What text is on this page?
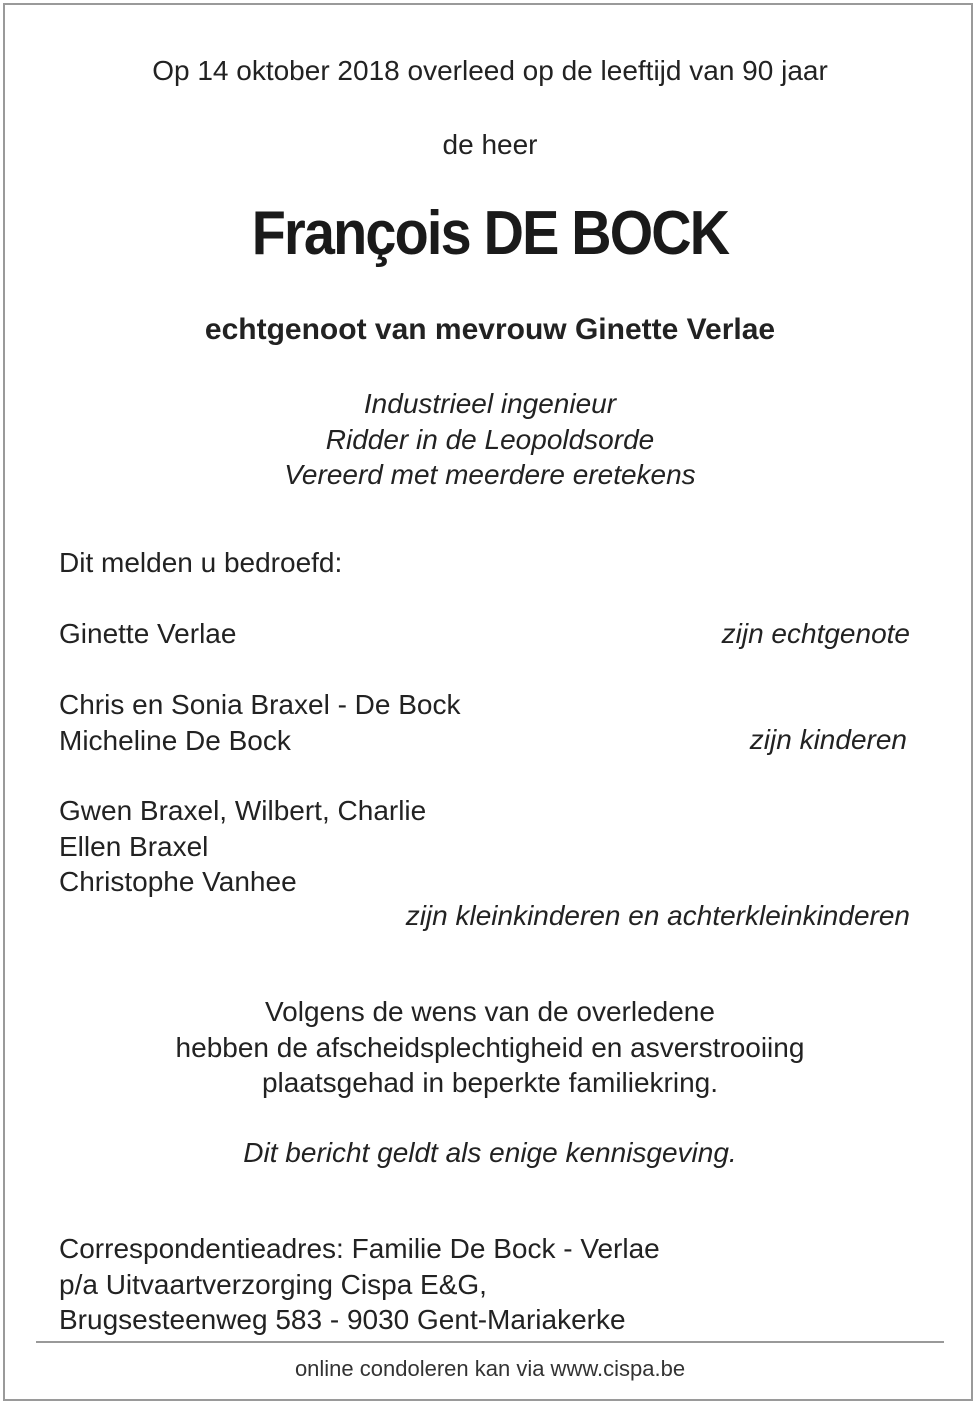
Op 14 oktober 2018 overleed op de leeftijd van 90 jaar
de heer
François DE BOCK
echtgenoot van mevrouw Ginette Verlae
Industrieel ingenieur
Ridder in de Leopoldsorde
Vereerd met meerdere eretekens
Dit melden u bedroefd:
Ginette Verlae	zijn echtgenote
Chris en Sonia Braxel - De Bock
Micheline De Bock	zijn kinderen
Gwen Braxel, Wilbert, Charlie
Ellen Braxel
Christophe Vanhee
zijn kleinkinderen en achterkleinkinderen
Volgens de wens van de overledene
hebben de afscheidsplechtigheid en asverstrooiing
plaatsgehad in beperkte familiekring.
Dit bericht geldt als enige kennisgeving.
Correspondentieadres: Familie De Bock - Verlae
p/a Uitvaartverzorging Cispa E&G,
Brugsesteenweg 583 - 9030 Gent-Mariakerke
online condoleren kan via www.cispa.be
